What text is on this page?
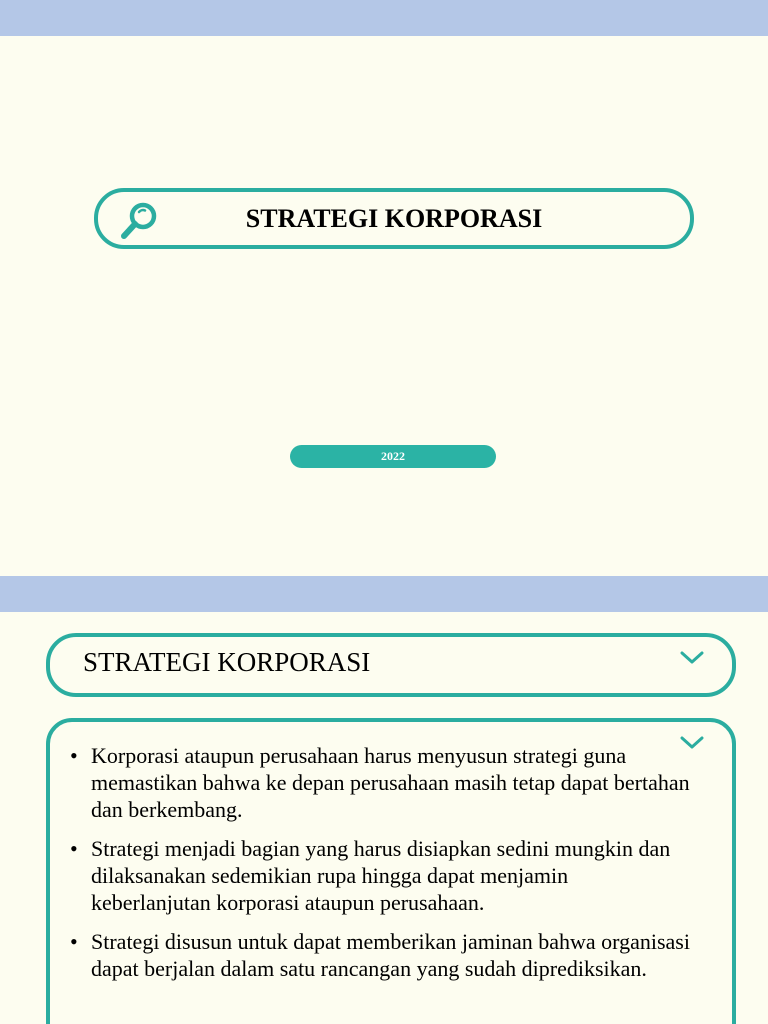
STRATEGI KORPORASI
2022
STRATEGI KORPORASI
• Korporasi ataupun perusahaan harus menyusun strategi guna memastikan bahwa ke depan perusahaan masih tetap dapat bertahan dan berkembang.
• Strategi menjadi bagian yang harus disiapkan sedini mungkin dan dilaksanakan sedemikian rupa hingga dapat menjamin keberlanjutan korporasi ataupun perusahaan.
• Strategi disusun untuk dapat memberikan jaminan bahwa organisasi dapat berjalan dalam satu rancangan yang sudah diprediksikan.
